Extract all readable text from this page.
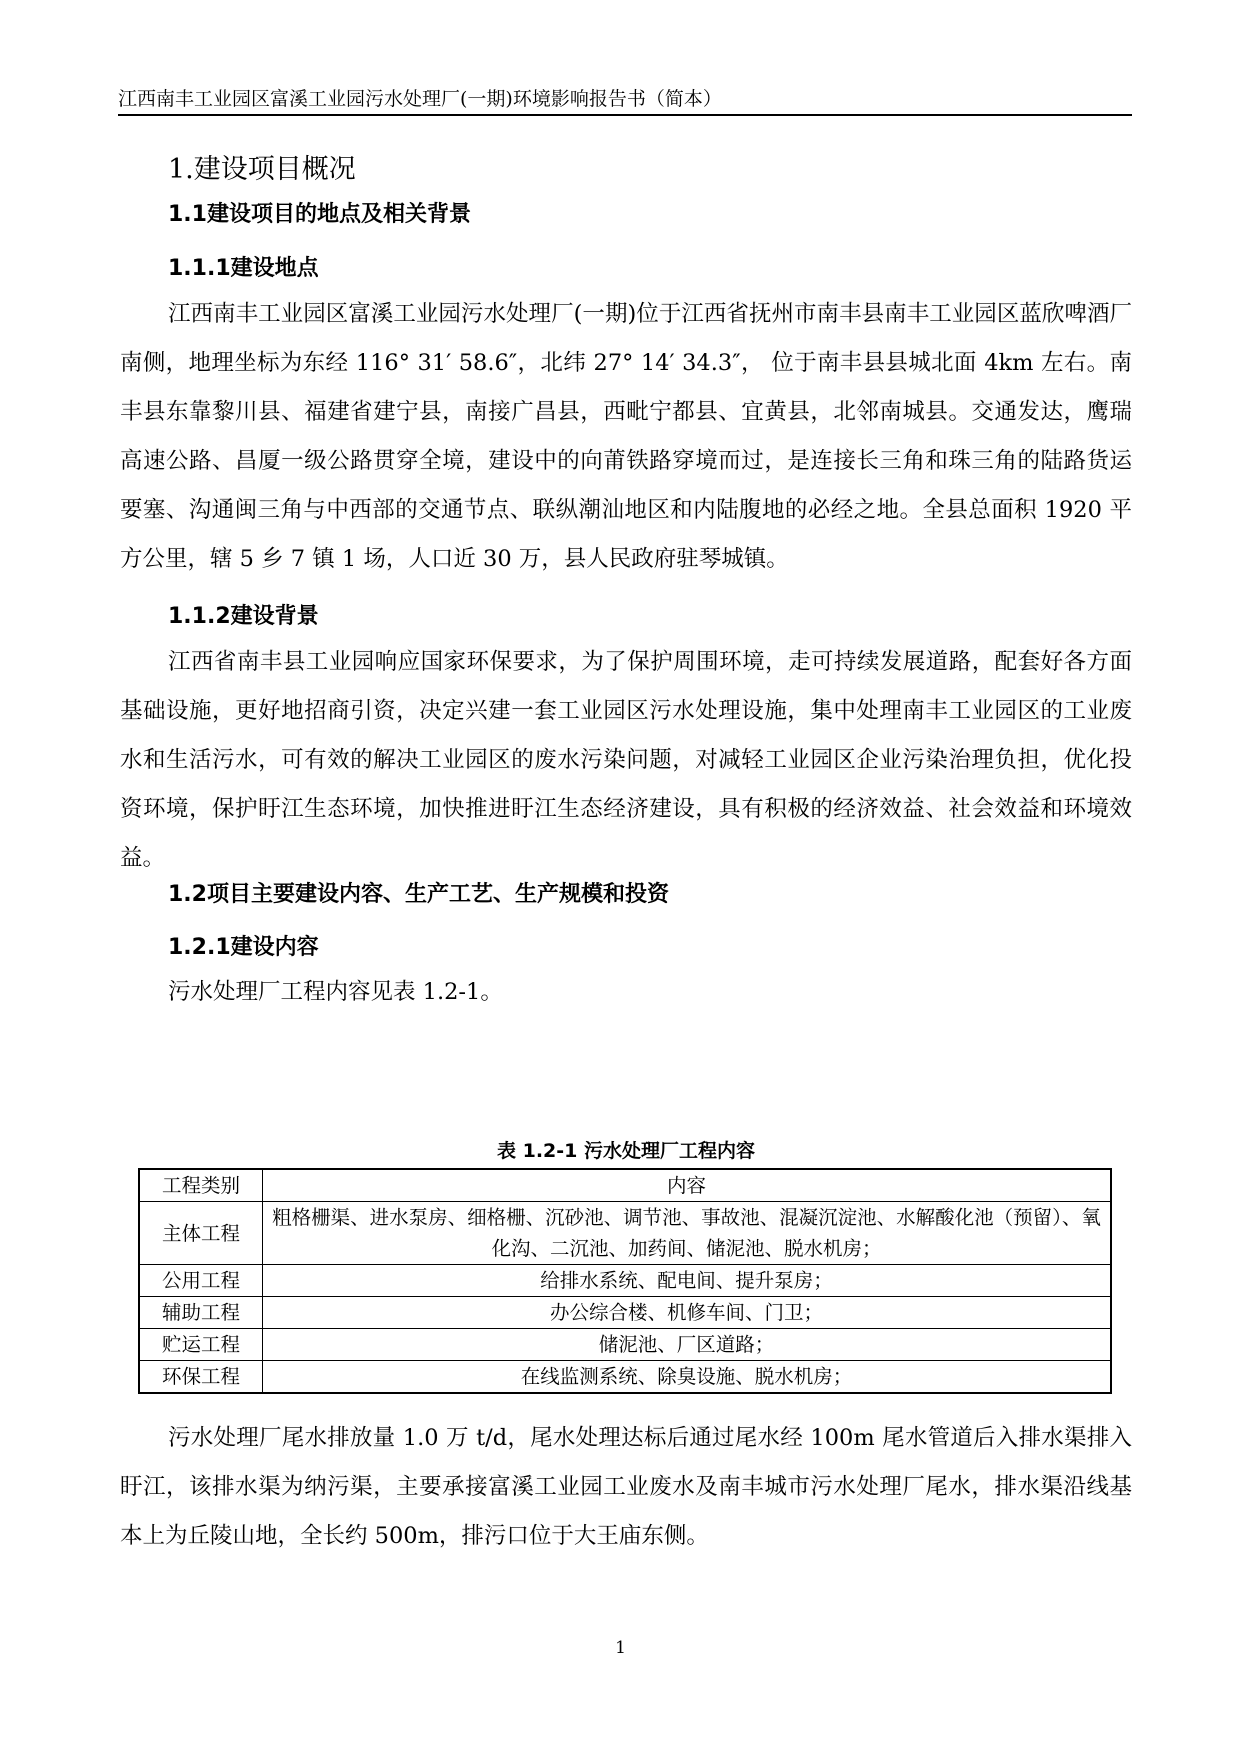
江西南丰工业园区富溪工业园污水处理厂(一期)环境影响报告书（简本）
1.建设项目概况
1.1建设项目的地点及相关背景
1.1.1建设地点

江西南丰工业园区富溪工业园污水处理厂(一期)位于江西省抚州市南丰县南丰工业园区蓝欣啤酒厂南侧，地理坐标为东经 116° 31′ 58.6″，北纬 27° 14′ 34.3″， 位于南丰县县城北面 4km 左右。南丰县东靠黎川县、福建省建宁县，南接广昌县，西毗宁都县、宜黄县，北邻南城县。交通发达，鹰瑞高速公路、昌厦一级公路贯穿全境，建设中的向莆铁路穿境而过，是连接长三角和珠三角的陆路货运要塞、沟通闽三角与中西部的交通节点、联纵潮汕地区和内陆腹地的必经之地。全县总面积 1920 平方公里，辖 5 乡 7 镇 1 场，人口近 30 万，县人民政府驻琴城镇。

1.1.2建设背景

江西省南丰县工业园响应国家环保要求，为了保护周围环境，走可持续发展道路，配套好各方面基础设施，更好地招商引资，决定兴建一套工业园区污水处理设施，集中处理南丰工业园区的工业废水和生活污水，可有效的解决工业园区的废水污染问题，对减轻工业园区企业污染治理负担，优化投资环境，保护盱江生态环境，加快推进盱江生态经济建设，具有积极的经济效益、社会效益和环境效益。

1.2项目主要建设内容、生产工艺、生产规模和投资
1.2.1建设内容

污水处理厂工程内容见表 1.2-1。

表 1.2-1 污水处理厂工程内容
工程类别	内容
主体工程	粗格栅渠、进水泵房、细格栅、沉砂池、调节池、事故池、混凝沉淀池、水解酸化池（预留）、氧化沟、二沉池、加药间、储泥池、脱水机房；
公用工程	给排水系统、配电间、提升泵房；
辅助工程	办公综合楼、机修车间、门卫；
贮运工程	储泥池、厂区道路；
环保工程	在线监测系统、除臭设施、脱水机房；

污水处理厂尾水排放量 1.0 万 t/d，尾水处理达标后通过尾水经 100m 尾水管道后入排水渠排入盱江，该排水渠为纳污渠，主要承接富溪工业园工业废水及南丰城市污水处理厂尾水，排水渠沿线基本上为丘陵山地，全长约 500m，排污口位于大王庙东侧。

1
